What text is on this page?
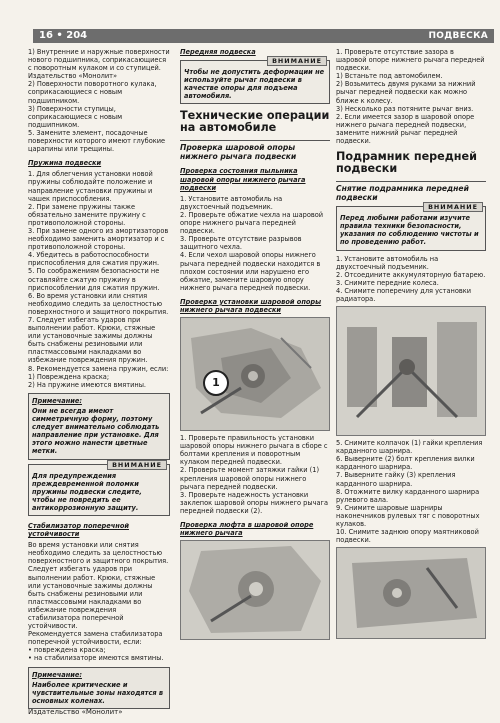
16 • 204	ПОДВЕСКА

1) Внутренние и наружные поверхности нового подшипника, соприкасающиеся с поворотным кулаком и со ступицей. Издательство «Монолит»

2) Поверхности поворотного кулака, соприкасающиеся с новым подшипником.

3) Поверхности ступицы, соприкасающиеся с новым подшипником.

5. Замените элемент, посадочные поверхности которого имеют глубокие царапины или трещины.

Пружина подвески

1. Для облегчения установки новой пружины соблюдайте положение и направление установки пружины и чашек приспособления.

2. При замене пружины также обязательно замените пружину с противоположной стороны.

3. При замене одного из амортизаторов необходимо заменить амортизатор и с противоположной стороны.

4. Убедитесь в работоспособности приспособления для сжатия пружин.

5. По соображениям безопасности не оставляйте сжатую пружину в приспособлении для сжатия пружин.

6. Во время установки или снятия необходимо следить за целостностью поверхностного и защитного покрытия.

7. Следует избегать ударов при выполнении работ. Крюки, стяжные или установочные зажимы должны быть снабжены резиновыми или пластмассовыми накладками во избежание повреждения пружин.

8. Рекомендуется замена пружин, если:

1) Повреждена краска;

2) На пружине имеются вмятины.

Примечание:
Они не всегда имеют симметричную форму, поэтому следует внимательно соблюдать направление при установке. Для этого можно нанести цветные метки.
ВНИМАНИЕ
Для предупреждения преждевременной поломки пружины подвески следите, чтобы не повредить ее антикоррозионную защиту.
Стабилизатор поперечной устойчивости

Во время установки или снятия необходимо следить за целостностью поверхностного и защитного покрытия.

Следует избегать ударов при выполнении работ. Крюки, стяжные или установочные зажимы должны быть снабжены резиновыми или пластмассовыми накладками во избежание повреждения стабилизатора поперечной устойчивости.

Рекомендуется замена стабилизатора поперечной устойчивости, если:

• повреждена краска;

• на стабилизаторе имеются вмятины.

Примечание:
Наиболее критические и чувствительные зоны находятся в основных коленах.
Передняя подвеска
ВНИМАНИЕ
Чтобы не допустить деформации не используйте рычаг подвески в качестве опоры для подъема автомобиля.
Технические операции на автомобиле
Проверка шаровой опоры нижнего рычага подвески
Проверка состояния пыльника шаровой опоры нижнего рычага подвески

1. Установите автомобиль на двухстоечный подъемник.

2. Проверьте обжатие чехла на шаровой опоре нижнего рычага передней подвески.

3. Проверьте отсутствие разрывов защитного чехла.

4. Если чехол шаровой опоры нижнего рычага передней подвески находится в плохом состоянии или нарушено его обжатие, замените шаровую опору нижнего рычага передней подвески.

Проверка установки шаровой опоры нижнего рычага подвески
1

1. Проверьте правильность установки шаровой опоры нижнего рычага в сборе с болтами крепления и поворотным кулаком передней подвески.

2. Проверьте момент затяжки гайки (1) крепления шаровой опоры нижнего рычага передней подвески.

3. Проверьте надежность установки заклепок шаровой опоры нижнего рычага передней подвески (2).

Проверка люфта в шаровой опоре нижнего рычага

1. Проверьте отсутствие зазора в шаровой опоре нижнего рычага передней подвески.

1) Встаньте под автомобилем.

2) Возьмитесь двумя руками за нижний рычаг передней подвески как можно ближе к колесу.

3) Несколько раз потяните рычаг вниз.

2. Если имеется зазор в шаровой опоре нижнего рычага передней подвески, замените нижний рычаг передней подвески.

Подрамник передней подвески
Снятие подрамника передней подвески
ВНИМАНИЕ
Перед любыми работами изучите правила техники безопасности, указания по соблюдению чистоты и по проведению работ.

1. Установите автомобиль на двухстоечный подъемник.

2. Отсоедините аккумуляторную батарею.

3. Снимите передние колеса.

4. Снимите поперечину для установки радиатора.

5. Снимите колпачок (1) гайки крепления карданного шарнира.

6. Выверните (2) болт крепления вилки карданного шарнира.

7. Выверните гайку (3) крепления карданного шарнира.

8. Отожмите вилку карданного шарнира рулевого вала.

9. Снимите шаровые шарниры наконечников рулевых тяг с поворотных кулаков.

10. Снимите заднюю опору маятниковой подвески.

Издательство «Монолит»
